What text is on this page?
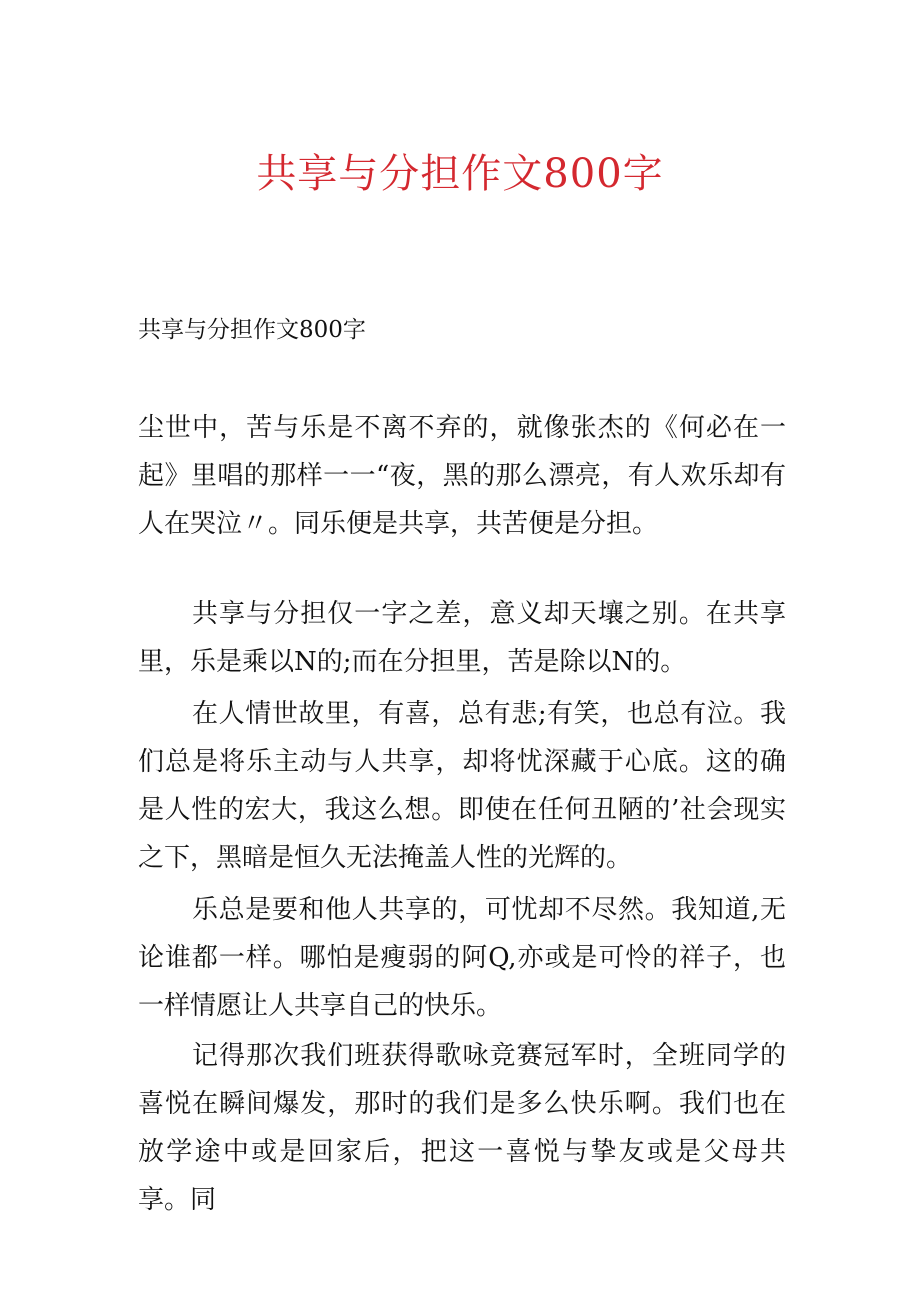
共享与分担作文800字
共享与分担作文800字

尘世中，苦与乐是不离不弃的，就像张杰的《何必在一起》里唱的那样一一“夜，黑的那么漂亮，有人欢乐却有人在哭泣〃。同乐便是共享，共苦便是分担。

共享与分担仅一字之差，意义却天壤之别。在共享里，乐是乘以N的;而在分担里，苦是除以N的。

在人情世故里，有喜，总有悲;有笑，也总有泣。我们总是将乐主动与人共享，却将忧深藏于心底。这的确是人性的宏大，我这么想。即使在任何丑陋的’社会现实之下，黑暗是恒久无法掩盖人性的光辉的。

乐总是要和他人共享的，可忧却不尽然。我知道,无论谁都一样。哪怕是瘦弱的阿Q,亦或是可怜的祥子，也一样情愿让人共享自己的快乐。

记得那次我们班获得歌咏竞赛冠军时，全班同学的喜悦在瞬间爆发，那时的我们是多么快乐啊。我们也在放学途中或是回家后，把这一喜悦与挚友或是父母共享。同
